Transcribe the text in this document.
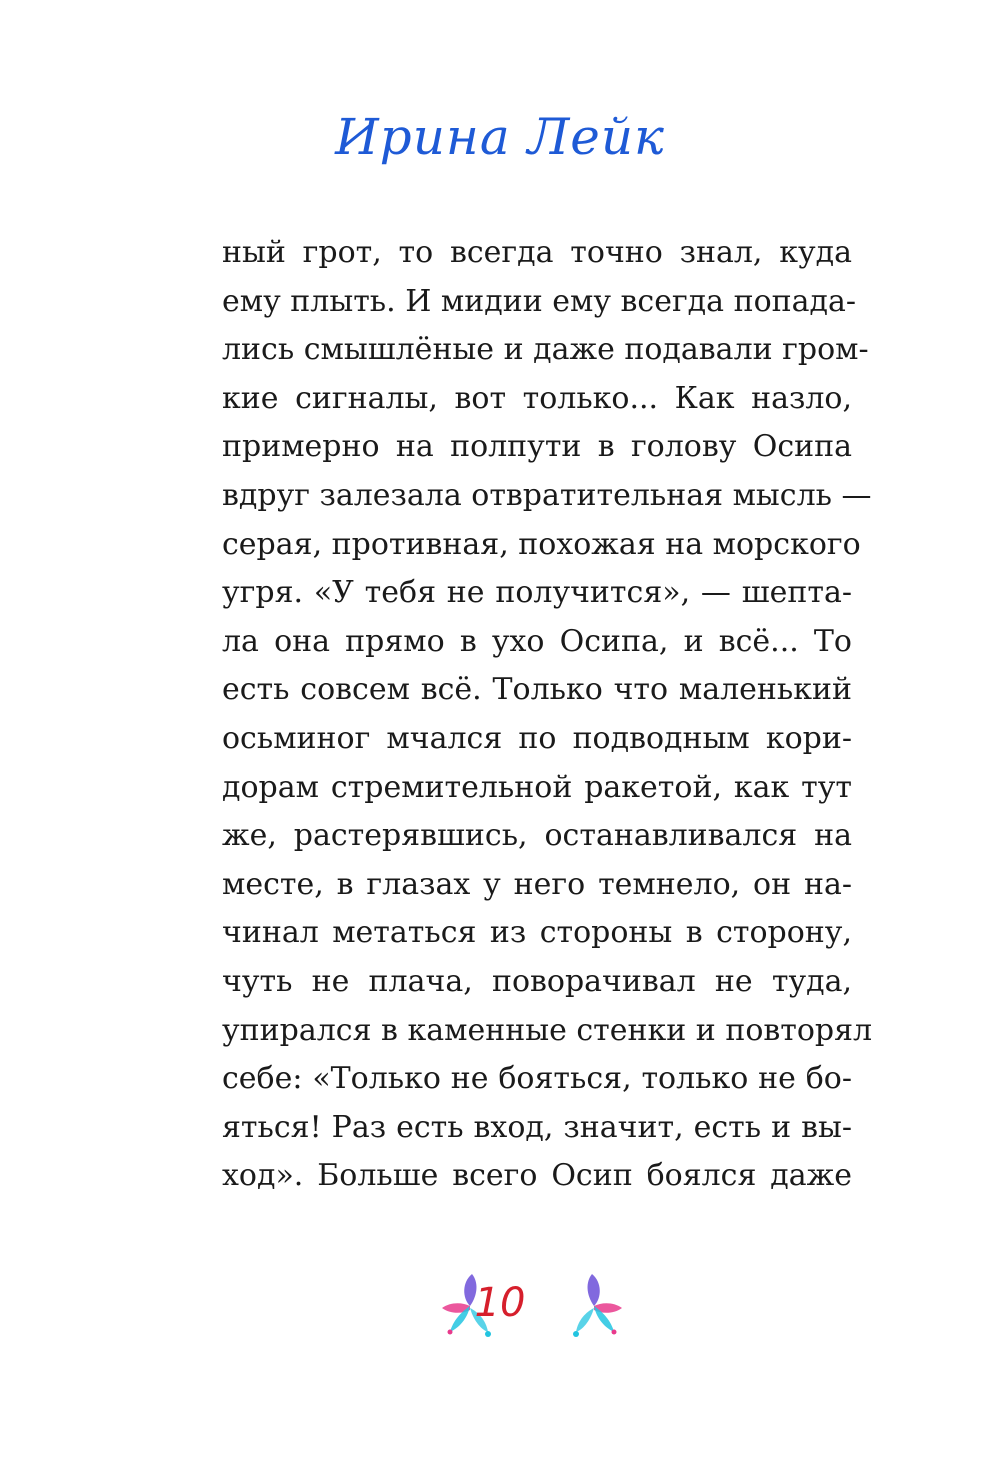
Ирина Лейк
ный грот, то всегда точно знал, куда
ему плыть. И мидии ему всегда попада-
лись смышлёные и даже подавали гром-
кие сигналы, вот только... Как назло,
примерно на полпути в голову Осипа
вдруг залезала отвратительная мысль —
серая, противная, похожая на морского
угря. «У тебя не получится», — шепта-
ла она прямо в ухо Осипа, и всё... То
есть совсем всё. Только что маленький
осьминог мчался по подводным кори-
дорам стремительной ракетой, как тут
же, растерявшись, останавливался на
месте, в глазах у него темнело, он на-
чинал метаться из стороны в сторону,
чуть не плача, поворачивал не туда,
упирался в каменные стенки и повторял
себе: «Только не бояться, только не бо-
яться! Раз есть вход, значит, есть и вы-
ход». Больше всего Осип боялся даже
10
